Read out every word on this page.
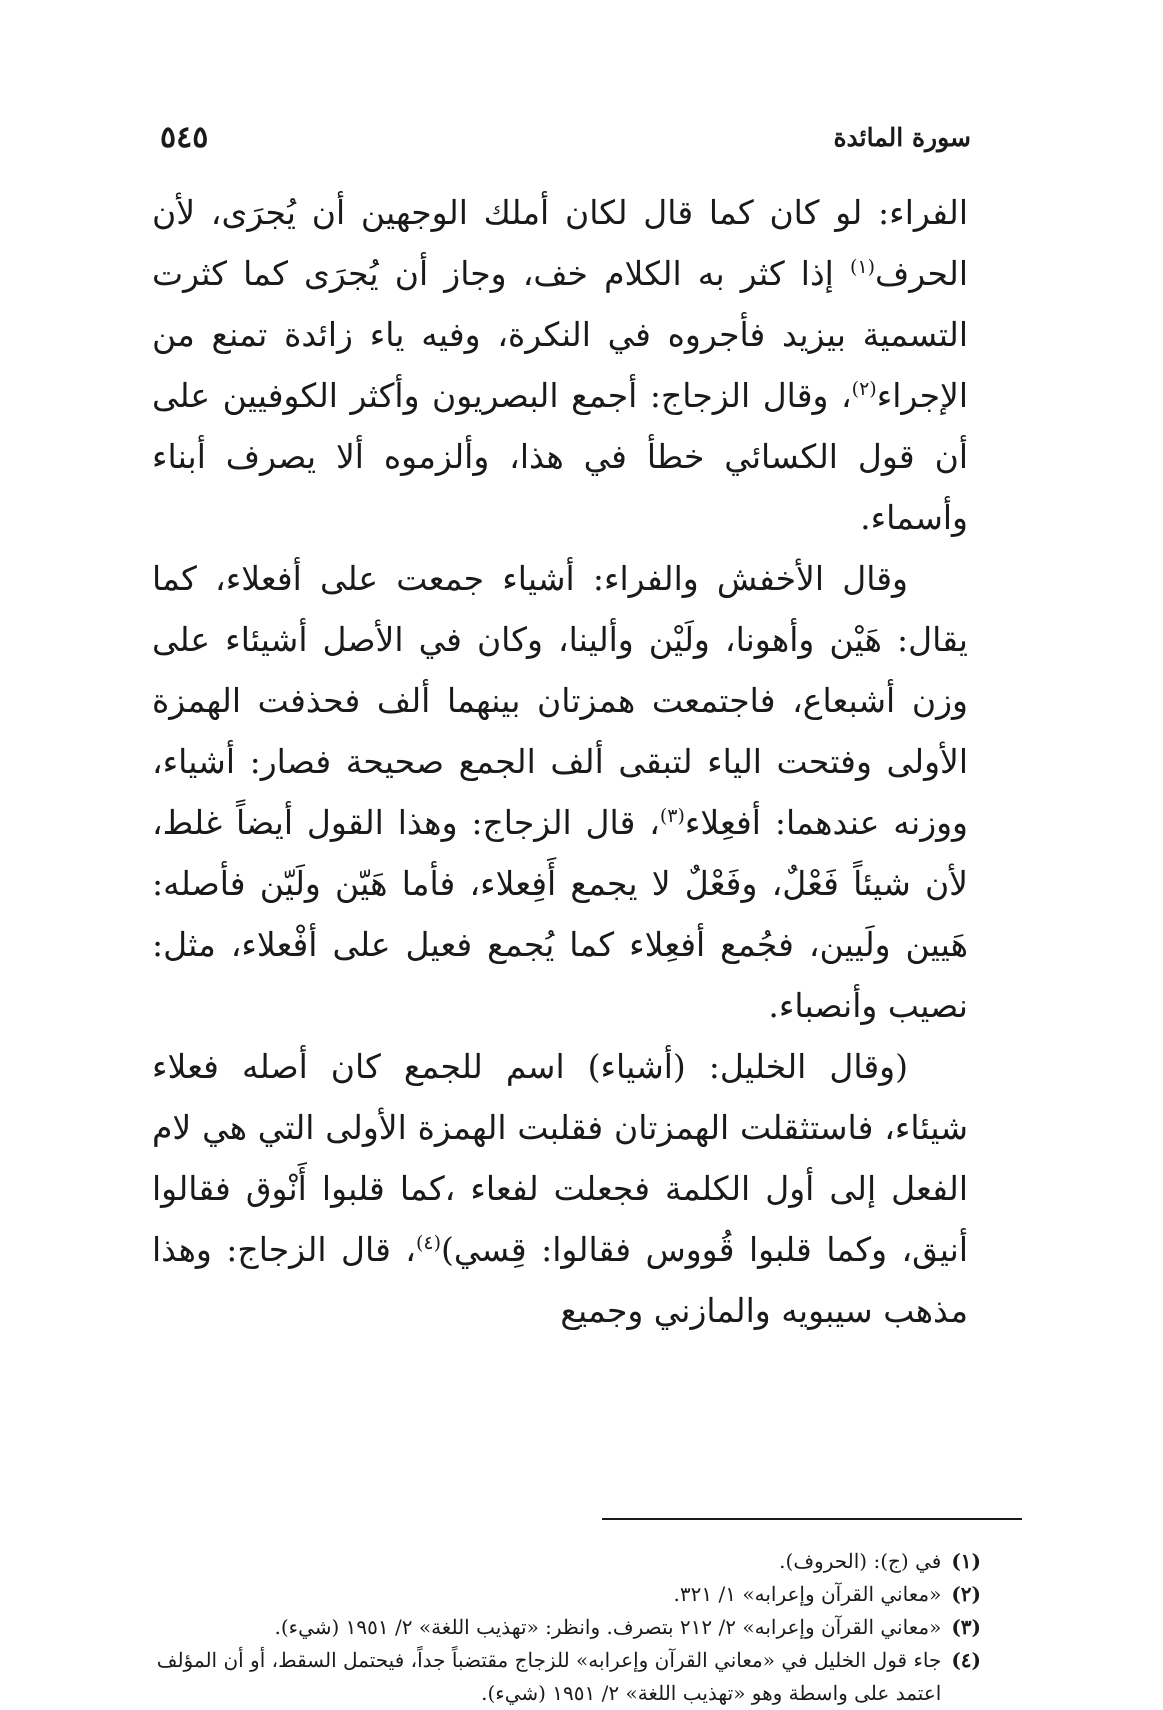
سورة المائدة
٥٤٥

الفراء: لو كان كما قال لكان أملك الوجهين أن يُجرَى، لأن الحرف$^{(١)}$ إذا كثر به الكلام خف، وجاز أن يُجرَى كما كثرت التسمية بيزيد فأجروه في النكرة، وفيه ياء زائدة تمنع من الإجراء$^{(٢)}$، وقال الزجاج: أجمع البصريون وأكثر الكوفيين على أن قول الكسائي خطأ في هذا، وألزموه ألا يصرف أبناء وأسماء.

وقال الأخفش والفراء: أشياء جمعت على أفعلاء، كما يقال: هَيْن وأهونا، ولَيْن وألينا، وكان في الأصل أشيئاء على وزن أشبعاع، فاجتمعت همزتان بينهما ألف فحذفت الهمزة الأولى وفتحت الياء لتبقى ألف الجمع صحيحة فصار: أشياء، ووزنه عندهما: أفعِلاء$^{(٣)}$، قال الزجاج: وهذا القول أيضاً غلط، لأن شيئاً فَعْلٌ، وفَعْلٌ لا يجمع أَفِعلاء، فأما هَيّن ولَيّن فأصله: هَيين ولَيين، فجُمع أفعِلاء كما يُجمع فعيل على أفْعلاء، مثل: نصيب وأنصباء.

(وقال الخليل: (أشياء) اسم للجمع كان أصله فعلاء شيئاء، فاستثقلت الهمزتان فقلبت الهمزة الأولى التي هي لام الفعل إلى أول الكلمة فجعلت لفعاء ،كما قلبوا أَنْوق فقالوا أنيق، وكما قلبوا قُووس فقالوا: قِسي)$^{(٤)}$، قال الزجاج: وهذا مذهب سيبويه والمازني وجميع

(١)
في (ج): (الحروف).
(٢)
«معاني القرآن وإعرابه» ١/ ٣٢١.
(٣)
«معاني القرآن وإعرابه» ٢/ ٢١٢ بتصرف. وانظر: «تهذيب اللغة» ٢/ ١٩٥١ (شيء).
(٤)
جاء قول الخليل في «معاني القرآن وإعرابه» للزجاج مقتضباً جداً، فيحتمل السقط، أو أن المؤلف اعتمد على واسطة وهو «تهذيب اللغة» ٢/ ١٩٥١ (شيء).
